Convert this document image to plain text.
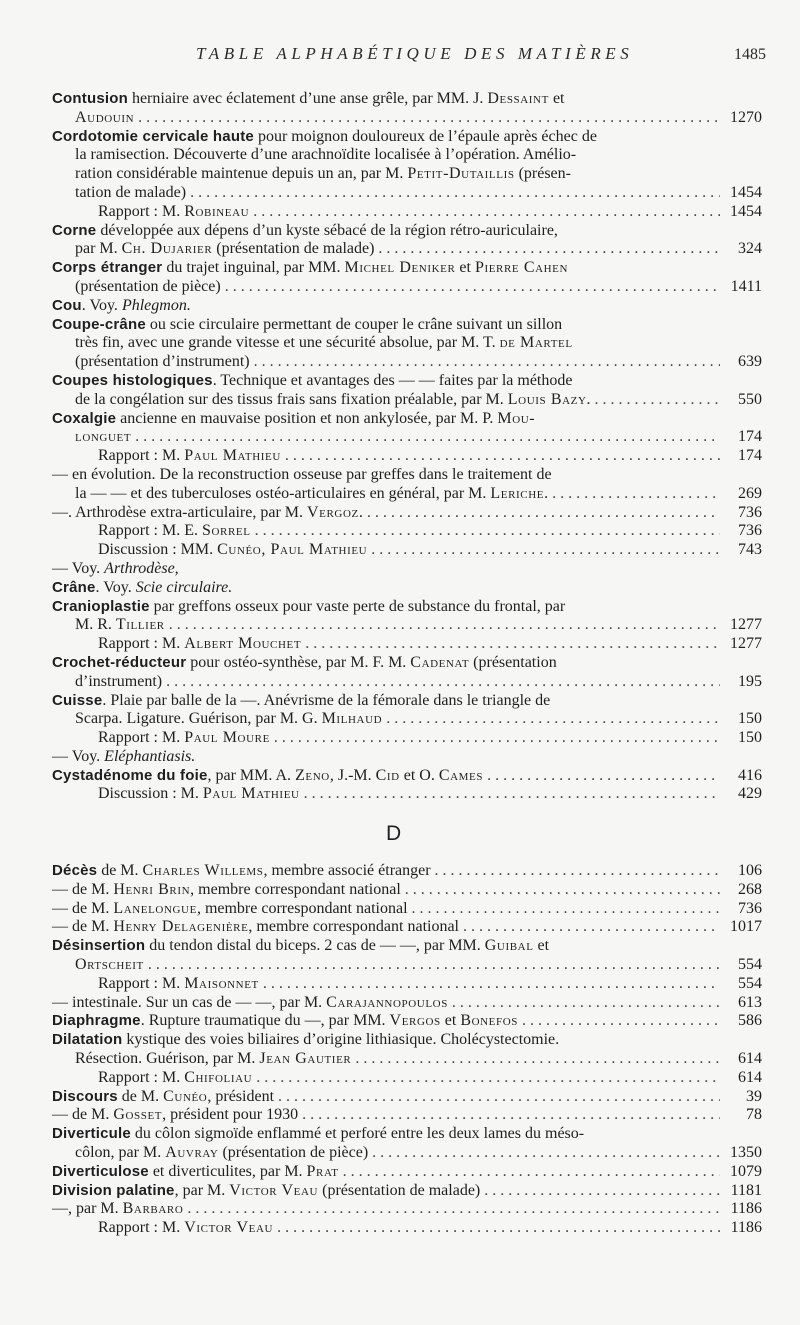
TABLE ALPHABÉTIQUE DES MATIÈRES	1485
Contusion herniaire avec éclatement d’une anse grêle, par MM. J. Dessaint et
Audouin . . .	1270
Cordotomie cervicale haute pour moignon douloureux de l’épaule après échec de
la ramisection. Découverte d’une arachnoïdite localisée à l’opération. Amélio-
ration considérable maintenue depuis un an, par M. Petit-Dutaillis (présen-
tation de malade) . . .	1454
Rapport : M. Robineau . . .	1454
Corne développée aux dépens d’un kyste sébacé de la région rétro-auriculaire,
par M. Ch. Dujarier (présentation de malade) . . .	324
Corps étranger du trajet inguinal, par MM. Michel Deniker et Pierre Cahen
(présentation de pièce) . . .	1411
Cou. Voy. Phlegmon.
Coupe-crâne ou scie circulaire permettant de couper le crâne suivant un sillon
très fin, avec une grande vitesse et une sécurité absolue, par M. T. de Martel
(présentation d’instrument) . . .	639
Coupes histologiques. Technique et avantages des — — faites par la méthode
de la congélation sur des tissus frais sans fixation préalable, par M. Louis Bazy. . . .	550
Coxalgie ancienne en mauvaise position et non ankylosée, par M. P. Mou-
longuet . . .	174
Rapport : M. Paul Mathieu . . .	174
— en évolution. De la reconstruction osseuse par greffes dans le traitement de
la — — et des tuberculoses ostéo-articulaires en général, par M. Leriche. . . .	269
—. Arthrodèse extra-articulaire, par M. Vergoz. . . .	736
Rapport : M. E. Sorrel . . .	736
Discussion : MM. Cunéo, Paul Mathieu . . .	743
— Voy. Arthrodèse,
Crâne. Voy. Scie circulaire.
Cranioplastie par greffons osseux pour vaste perte de substance du frontal, par
M. R. Tillier . . .	1277
Rapport : M. Albert Mouchet . . .	1277
Crochet-réducteur pour ostéo-synthèse, par M. F. M. Cadenat (présentation
d’instrument) . . .	195
Cuisse. Plaie par balle de la —. Anévrisme de la fémorale dans le triangle de
Scarpa. Ligature. Guérison, par M. G. Milhaud . . .	150
Rapport : M. Paul Moure . . .	150
— Voy. Eléphantiasis.
Cystadénome du foie, par MM. A. Zeno, J.-M. Cid et O. Cames . . .	416
Discussion : M. Paul Mathieu . . .	429
D
Décès de M. Charles Willems, membre associé étranger . . .	106
— de M. Henri Brin, membre correspondant national . . .	268
— de M. Lanelongue, membre correspondant national . . .	736
— de M. Henry Delagenière, membre correspondant national . . .	1017
Désinsertion du tendon distal du biceps. 2 cas de — —, par MM. Guibal et
Ortscheit . . .	554
Rapport : M. Maisonnet . . .	554
— intestinale. Sur un cas de — —, par M. Carajannopoulos . . .	613
Diaphragme. Rupture traumatique du —, par MM. Vergos et Bonefos . . .	586
Dilatation kystique des voies biliaires d’origine lithiasique. Cholécystectomie.
Résection. Guérison, par M. Jean Gautier . . .	614
Rapport : M. Chifoliau . . .	614
Discours de M. Cunéo, président . . .	39
— de M. Gosset, président pour 1930 . . .	78
Diverticule du côlon sigmoïde enflammé et perforé entre les deux lames du méso-
côlon, par M. Auvray (présentation de pièce) . . .	1350
Diverticulose et diverticulites, par M. Prat . . .	1079
Division palatine, par M. Victor Veau (présentation de malade) . . .	1181
—, par M. Barbaro . . .	1186
Rapport : M. Victor Veau . . .	1186
